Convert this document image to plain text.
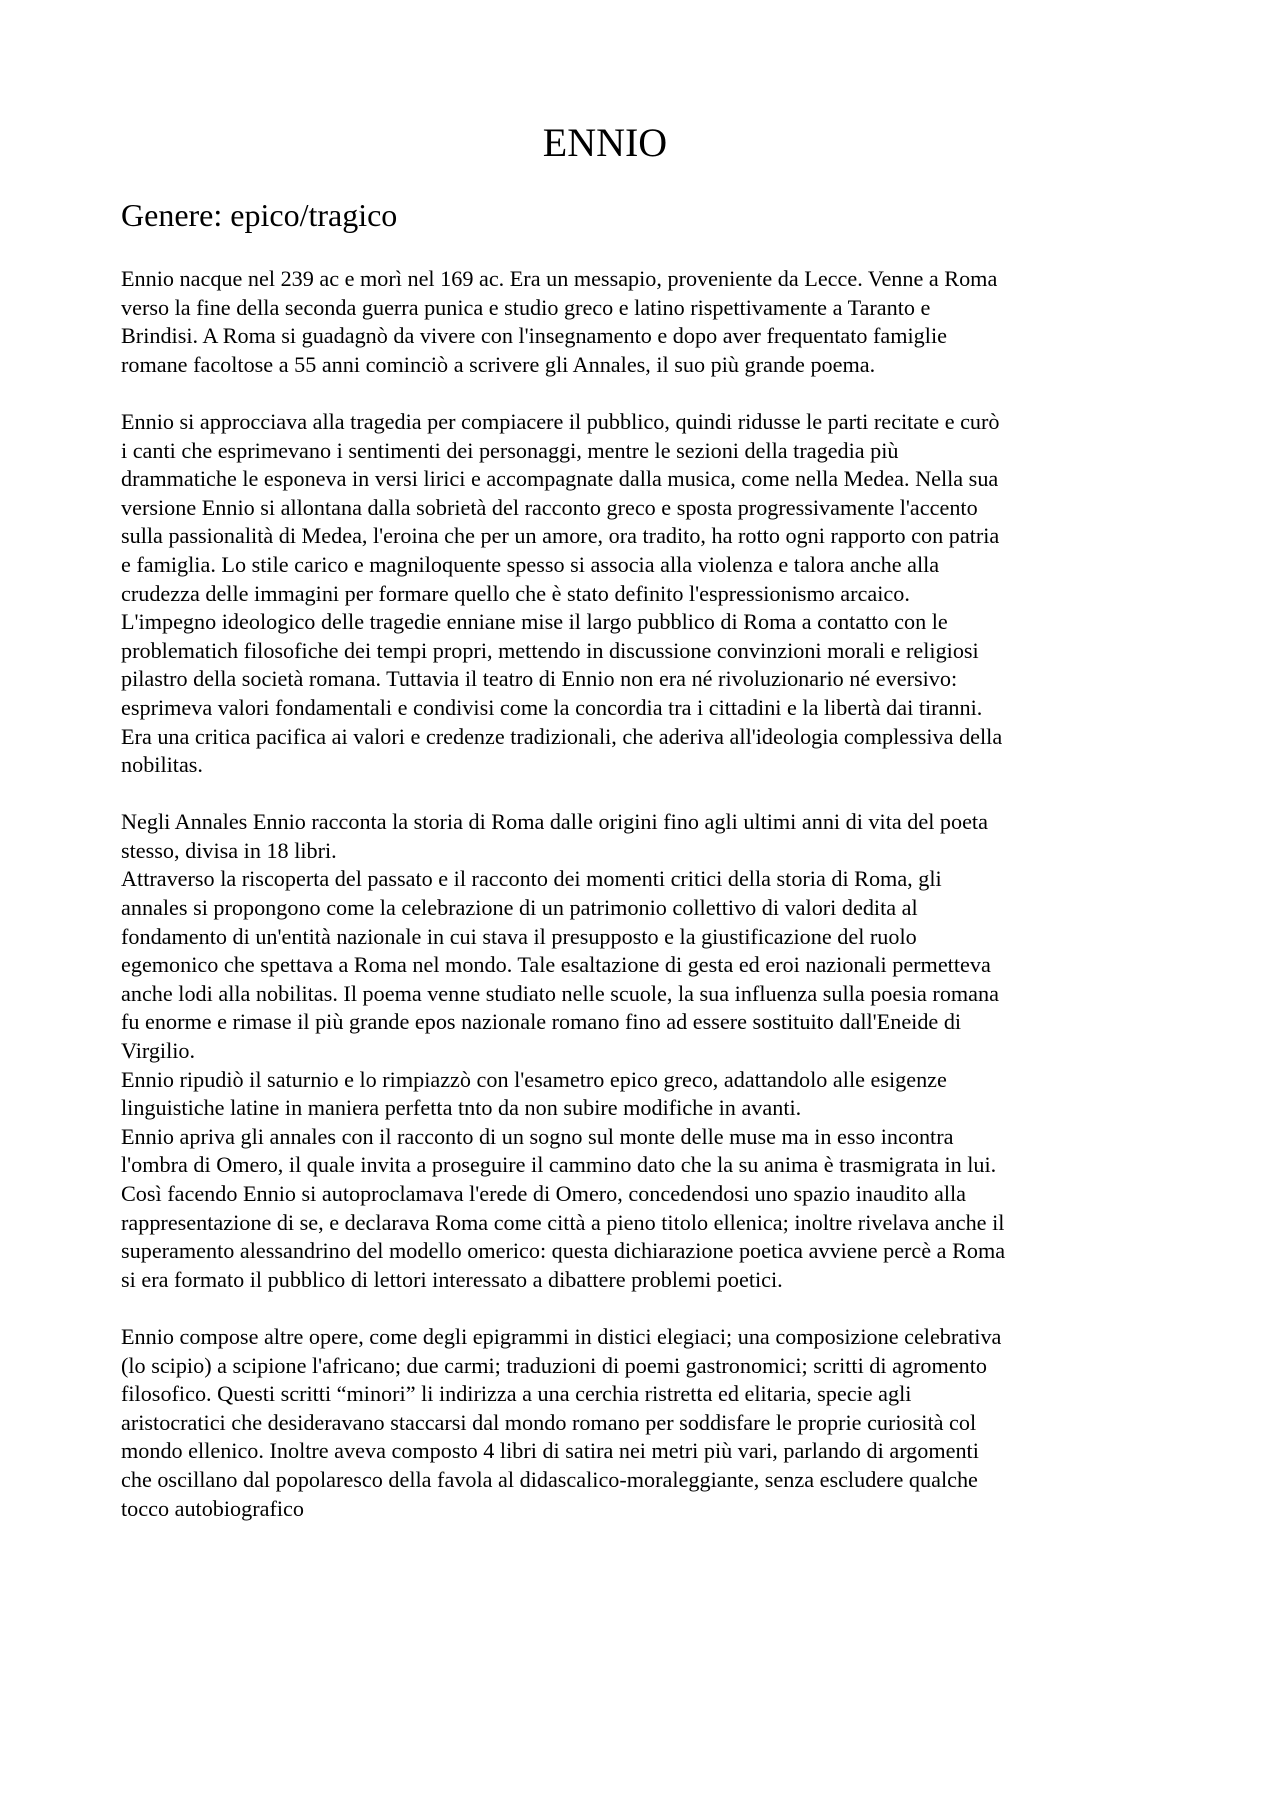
ENNIO
Genere: epico/tragico

Ennio nacque nel 239 ac e morì nel 169 ac. Era un messapio, proveniente da Lecce. Venne a Roma
verso la fine della seconda guerra punica e studio greco e latino rispettivamente a Taranto e
Brindisi. A Roma si guadagnò da vivere con l'insegnamento e dopo aver frequentato famiglie
romane facoltose a 55 anni cominciò a scrivere gli Annales, il suo più grande poema.

Ennio si approcciava alla tragedia per compiacere il pubblico, quindi ridusse le parti recitate e curò
i canti che esprimevano i sentimenti dei personaggi, mentre le sezioni della tragedia più
drammatiche le esponeva in versi lirici e accompagnate dalla musica, come nella Medea. Nella sua
versione Ennio si allontana dalla sobrietà del racconto greco e sposta progressivamente l'accento
sulla passionalità di Medea, l'eroina che per un amore, ora tradito, ha rotto ogni rapporto con patria
e famiglia. Lo stile carico e magniloquente spesso si associa alla violenza e talora anche alla
crudezza delle immagini per formare quello che è stato definito l'espressionismo arcaico.
L'impegno ideologico delle tragedie enniane mise il largo pubblico di Roma a contatto con le
problematich filosofiche dei tempi propri, mettendo in discussione convinzioni morali e religiosi
pilastro della società romana. Tuttavia il teatro di Ennio non era né rivoluzionario né eversivo:
esprimeva valori fondamentali e condivisi come la concordia tra i cittadini e la libertà dai tiranni.
Era una critica pacifica ai valori e credenze tradizionali, che aderiva all'ideologia complessiva della
nobilitas.

Negli Annales Ennio racconta la storia di Roma dalle origini fino agli ultimi anni di vita del poeta
stesso, divisa in 18 libri.
Attraverso la riscoperta del passato e il racconto dei momenti critici della storia di Roma, gli
annales si propongono come la celebrazione di un patrimonio collettivo di valori dedita al
fondamento di un'entità nazionale in cui stava il presupposto e la giustificazione del ruolo
egemonico che spettava a Roma nel mondo. Tale esaltazione di gesta ed eroi nazionali permetteva
anche lodi alla nobilitas. Il poema venne studiato nelle scuole, la sua influenza sulla poesia romana
fu enorme e rimase il più grande epos nazionale romano fino ad essere sostituito dall'Eneide di
Virgilio.
Ennio ripudiò il saturnio e lo rimpiazzò con l'esametro epico greco, adattandolo alle esigenze
linguistiche latine in maniera perfetta tnto da non subire modifiche in avanti.
Ennio apriva gli annales con il racconto di un sogno sul monte delle muse ma in esso incontra
l'ombra di Omero, il quale invita a proseguire il cammino dato che la su anima è trasmigrata in lui.
Così facendo Ennio si autoproclamava l'erede di Omero, concedendosi uno spazio inaudito alla
rappresentazione di se, e declarava Roma come città a pieno titolo ellenica; inoltre rivelava anche il
superamento alessandrino del modello omerico: questa dichiarazione poetica avviene percè a Roma
si era formato il pubblico di lettori interessato a dibattere problemi poetici.

Ennio compose altre opere, come degli epigrammi in distici elegiaci; una composizione celebrativa
(lo scipio) a scipione l'africano; due carmi; traduzioni di poemi gastronomici; scritti di agromento
filosofico. Questi scritti “minori” li indirizza a una cerchia ristretta ed elitaria, specie agli
aristocratici che desideravano staccarsi dal mondo romano per soddisfare le proprie curiosità col
mondo ellenico. Inoltre aveva composto 4 libri di satira nei metri più vari, parlando di argomenti
che oscillano dal popolaresco della favola al didascalico-moraleggiante, senza escludere qualche
tocco autobiografico
